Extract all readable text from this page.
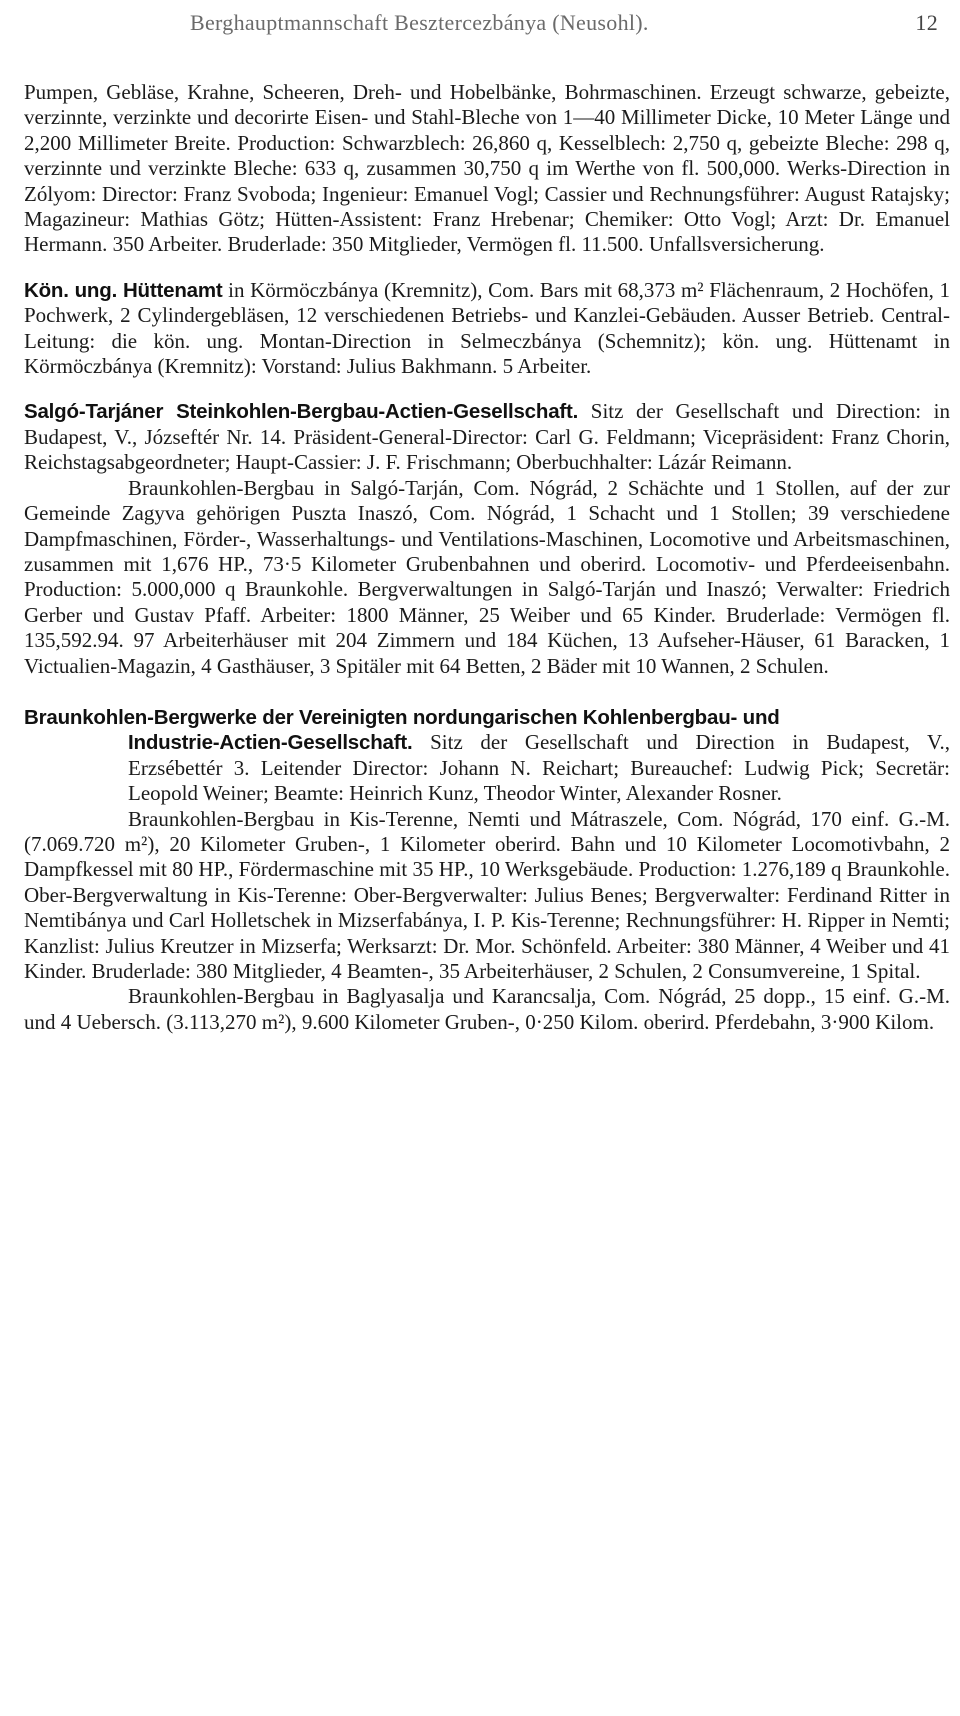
Berghauptmannschaft Besztercezbánya (Neusohl).	12

Pumpen, Gebläse, Krahne, Scheeren, Dreh- und Hobelbänke, Bohrmaschinen. Erzeugt schwarze, gebeizte, verzinnte, verzinkte und decorirte Eisen- und Stahl-Bleche von 1—40 Millimeter Dicke, 10 Meter Länge und 2,200 Millimeter Breite. Production: Schwarzblech: 26,860 q, Kesselblech: 2,750 q, gebeizte Bleche: 298 q, verzinnte und verzinkte Bleche: 633 q, zusammen 30,750 q im Werthe von fl. 500,000. Werks-Direction in Zólyom: Director: Franz Svoboda; Ingenieur: Emanuel Vogl; Cassier und Rechnungsführer: August Ratajsky; Magazineur: Mathias Götz; Hütten-Assistent: Franz Hrebenar; Chemiker: Otto Vogl; Arzt: Dr. Emanuel Hermann. 350 Arbeiter. Bruderlade: 350 Mitglieder, Vermögen fl. 11.500. Unfallsversicherung.

Kön. ung. Hüttenamt in Körmöczbánya (Kremnitz), Com. Bars mit 68,373 m² Flächenraum, 2 Hochöfen, 1 Pochwerk, 2 Cylindergebläsen, 12 verschiedenen Betriebs- und Kanzlei-Gebäuden. Ausser Betrieb. Central-Leitung: die kön. ung. Montan-Direction in Selmeczbánya (Schemnitz); kön. ung. Hüttenamt in Körmöczbánya (Kremnitz): Vorstand: Julius Bakhmann. 5 Arbeiter.

Salgó-Tarjáner Steinkohlen-Bergbau-Actien-Gesellschaft. Sitz der Gesellschaft und Direction: in Budapest, V., Józseftér Nr. 14. Präsident-General-Director: Carl G. Feldmann; Vicepräsident: Franz Chorin, Reichstagsabgeordneter; Haupt-Cassier: J. F. Frischmann; Oberbuchhalter: Lázár Reimann.

Braunkohlen-Bergbau in Salgó-Tarján, Com. Nógrád, 2 Schächte und 1 Stollen, auf der zur Gemeinde Zagyva gehörigen Puszta Inaszó, Com. Nógrád, 1 Schacht und 1 Stollen; 39 verschiedene Dampfmaschinen, Förder-, Wasserhaltungs- und Ventilations-Maschinen, Locomotive und Arbeitsmaschinen, zusammen mit 1,676 HP., 73·5 Kilometer Grubenbahnen und oberird. Locomotiv- und Pferdeeisenbahn. Production: 5.000,000 q Braunkohle. Bergverwaltungen in Salgó-Tarján und Inaszó; Verwalter: Friedrich Gerber und Gustav Pfaff. Arbeiter: 1800 Männer, 25 Weiber und 65 Kinder. Bruderlade: Vermögen fl. 135,592.94. 97 Arbeiterhäuser mit 204 Zimmern und 184 Küchen, 13 Aufseher-Häuser, 61 Baracken, 1 Victualien-Magazin, 4 Gasthäuser, 3 Spitäler mit 64 Betten, 2 Bäder mit 10 Wannen, 2 Schulen.

Braunkohlen-Bergwerke der Vereinigten nordungarischen Kohlenbergbau- und

Industrie-Actien-Gesellschaft. Sitz der Gesellschaft und Direction in Budapest, V., Erzsébettér 3. Leitender Director: Johann N. Reichart; Bureauchef: Ludwig Pick; Secretär: Leopold Weiner; Beamte: Heinrich Kunz, Theodor Winter, Alexander Rosner.

Braunkohlen-Bergbau in Kis-Terenne, Nemti und Mátraszele, Com. Nógrád, 170 einf. G.-M. (7.069.720 m²), 20 Kilometer Gruben-, 1 Kilometer oberird. Bahn und 10 Kilometer Locomotivbahn, 2 Dampfkessel mit 80 HP., Fördermaschine mit 35 HP., 10 Werksgebäude. Production: 1.276,189 q Braunkohle. Ober-Bergverwaltung in Kis-Terenne: Ober-Bergverwalter: Julius Benes; Bergverwalter: Ferdinand Ritter in Nemtibánya und Carl Holletschek in Mizserfabánya, I. P. Kis-Terenne; Rechnungsführer: H. Ripper in Nemti; Kanzlist: Julius Kreutzer in Mizserfa; Werksarzt: Dr. Mor. Schönfeld. Arbeiter: 380 Männer, 4 Weiber und 41 Kinder. Bruderlade: 380 Mitglieder, 4 Beamten-, 35 Arbeiterhäuser, 2 Schulen, 2 Consumvereine, 1 Spital.

Braunkohlen-Bergbau in Baglyasalja und Karancsalja, Com. Nógrád, 25 dopp., 15 einf. G.-M. und 4 Uebersch. (3.113,270 m²), 9.600 Kilometer Gruben-, 0·250 Kilom. oberird. Pferdebahn, 3·900 Kilom.
